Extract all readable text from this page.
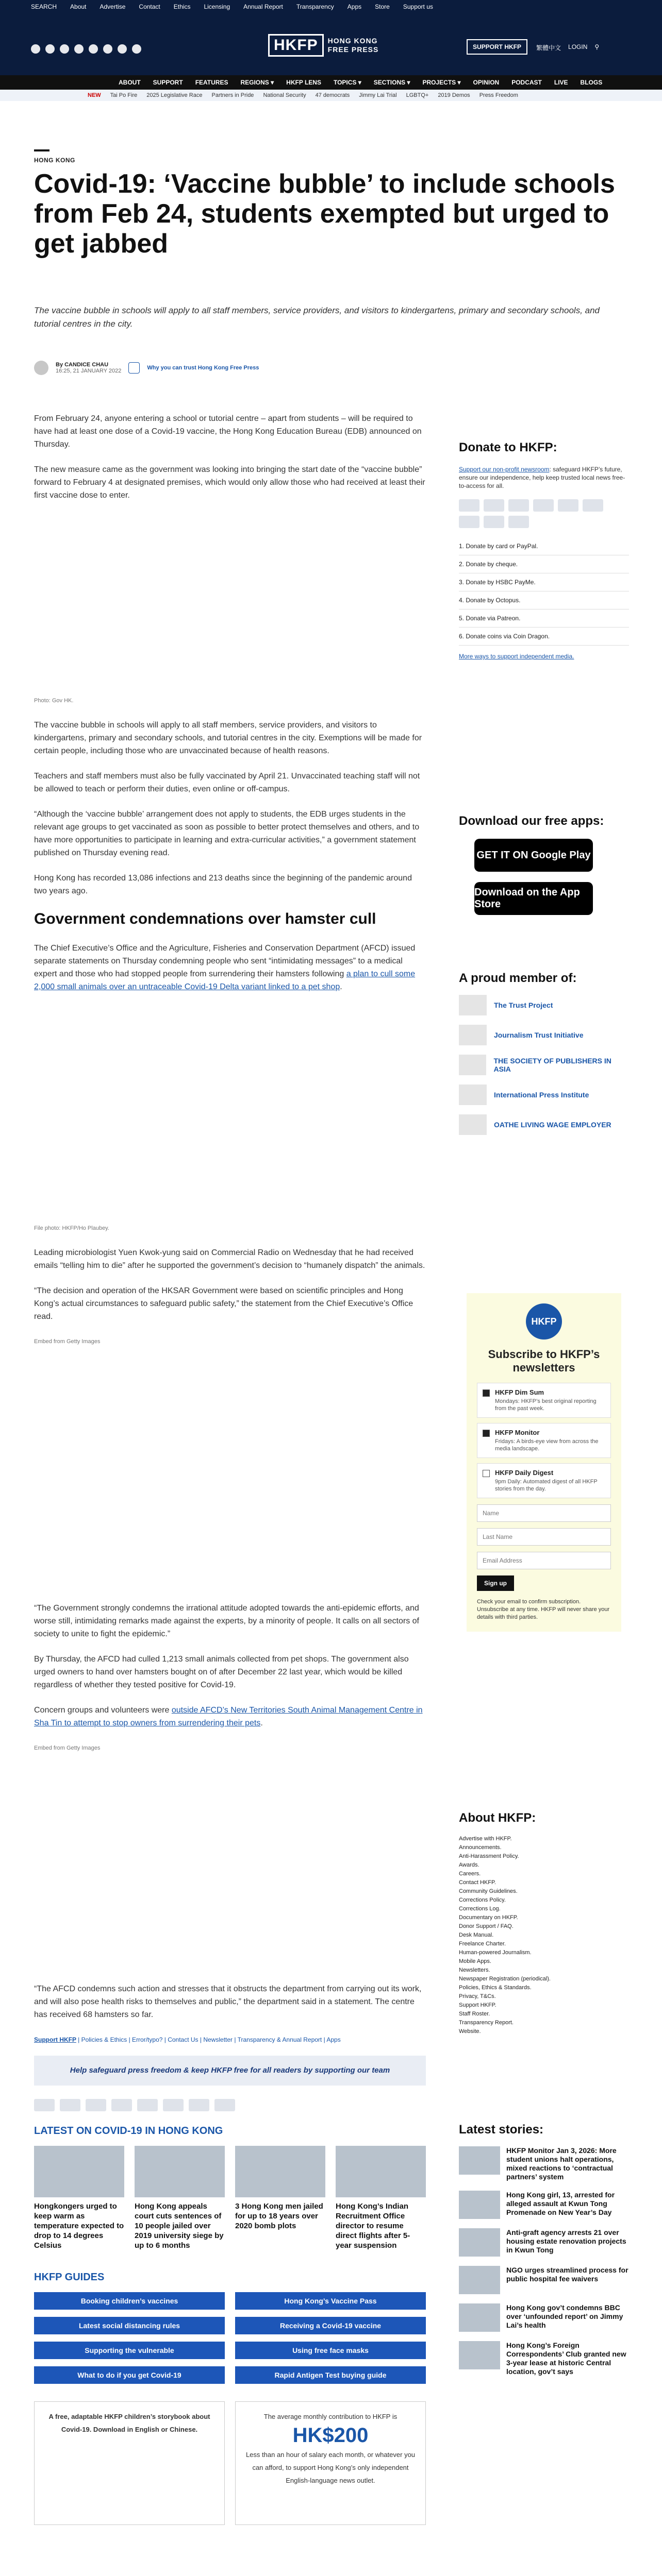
SEARCH About Advertise Contact Ethics Licensing Annual Report Transparency Apps Store Support us
HKFP	HONG KONG
FREE PRESS	SUPPORT HKFP	繁體中文 LOGIN ⚲
ABOUT SUPPORT FEATURES REGIONS ▾ HKFP LENS TOPICS ▾ SECTIONS ▾ PROJECTS ▾ OPINION PODCAST LIVE BLOGS
NEW Tai Po Fire 2025 Legislative Race Partners in Pride National Security 47 democrats Jimmy Lai Trial LGBTQ+ 2019 Demos Press Freedom
HONG KONG
Covid-19: ‘Vaccine bubble’ to include schools from Feb 24, students exempted but urged to get jabbed
The vaccine bubble in schools will apply to all staff members, service providers, and visitors to kindergartens, primary and secondary schools, and tutorial centres in the city.
By CANDICE CHAU
16:25, 21 JANUARY 2022	Why you can trust Hong Kong Free Press

From February 24, anyone entering a school or tutorial centre – apart from students – will be required to have had at least one dose of a Covid-19 vaccine, the Hong Kong Education Bureau (EDB) announced on Thursday.

The new measure came as the government was looking into bringing the start date of the “vaccine bubble” forward to February 4 at designated premises, which would only allow those who had received at least their first vaccine dose to enter.

Photo: Gov HK.

The vaccine bubble in schools will apply to all staff members, service providers, and visitors to kindergartens, primary and secondary schools, and tutorial centres in the city. Exemptions will be made for certain people, including those who are unvaccinated because of health reasons.

Teachers and staff members must also be fully vaccinated by April 21. Unvaccinated teaching staff will not be allowed to teach or perform their duties, even online or off-campus.

“Although the ‘vaccine bubble’ arrangement does not apply to students, the EDB urges students in the relevant age groups to get vaccinated as soon as possible to better protect themselves and others, and to have more opportunities to participate in learning and extra-curricular activities,” a government statement published on Thursday evening read.

Hong Kong has recorded 13,086 infections and 213 deaths since the beginning of the pandemic around two years ago.

Government condemnations over hamster cull

The Chief Executive’s Office and the Agriculture, Fisheries and Conservation Department (AFCD) issued separate statements on Thursday condemning people who sent “intimidating messages” to a medical expert and those who had stopped people from surrendering their hamsters following a plan to cull some 2,000 small animals over an untraceable Covid-19 Delta variant linked to a pet shop.

File photo: HKFP/Ho Plaubey.

Leading microbiologist Yuen Kwok-yung said on Commercial Radio on Wednesday that he had received emails “telling him to die” after he supported the government’s decision to “humanely dispatch” the animals.

“The decision and operation of the HKSAR Government were based on scientific principles and Hong Kong’s actual circumstances to safeguard public safety,” the statement from the Chief Executive’s Office read.

Embed from Getty Images

“The Government strongly condemns the irrational attitude adopted towards the anti-epidemic efforts, and worse still, intimidating remarks made against the experts, by a minority of people. It calls on all sectors of society to unite to fight the epidemic.”

By Thursday, the AFCD had culled 1,213 small animals collected from pet shops. The government also urged owners to hand over hamsters bought on of after December 22 last year, which would be killed regardless of whether they tested positive for Covid-19.

Concern groups and volunteers were outside AFCD’s New Territories South Animal Management Centre in Sha Tin to attempt to stop owners from surrendering their pets.

Embed from Getty Images

“The AFCD condemns such action and stresses that it obstructs the department from carrying out its work, and will also pose health risks to themselves and public,” the department said in a statement. The centre has received 68 hamsters so far.

Support HKFP | Policies & Ethics | Error/typo? | Contact Us | Newsletter | Transparency & Annual Report | Apps
Help safeguard press freedom & keep HKFP free for all readers by supporting our team
LATEST ON COVID-19 IN HONG KONG

Hongkongers urged to keep warm as temperature expected to drop to 14 degrees Celsius

Hong Kong appeals court cuts sentences of 10 people jailed over 2019 university siege by up to 6 months

3 Hong Kong men jailed for up to 18 years over 2020 bomb plots

Hong Kong’s Indian Recruitment Office director to resume direct flights after 5-year suspension

HKFP GUIDES
Booking children’s vaccines	Hong Kong’s Vaccine Pass
Latest social distancing rules	Receiving a Covid-19 vaccine
Supporting the vulnerable	Using free face masks
What to do if you get Covid-19	Rapid Antigen Test buying guide
A free, adaptable HKFP children’s storybook about Covid-19. Download in English or Chinese.
The average monthly contribution to HKFP is
HK$200
Less than an hour of salary each month, or whatever you can afford, to support Hong Kong’s only independent English-language news outlet.
Donate to HKFP:
Support our non-profit newsroom: safeguard HKFP’s future, ensure our independence, help keep trusted local news free-to-access for all.
1. Donate by card or PayPal.
2. Donate by cheque.
3. Donate by HSBC PayMe.
4. Donate by Octopus.
5. Donate via Patreon.
6. Donate coins via Coin Dragon.
More ways to support independent media.
Download our free apps:
GET IT ON Google Play
Download on the App Store
A proud member of:
The Trust Project
Journalism Trust Initiative
THE SOCIETY OF PUBLISHERS IN ASIA
International Press Institute
OATHE LIVING WAGE EMPLOYER
HKFP
Subscribe to HKFP’s newsletters
HKFP Dim Sum
Mondays: HKFP’s best original reporting from the past week.
HKFP Monitor
Fridays: A birds-eye view from across the media landscape.
HKFP Daily Digest
9pm Daily: Automated digest of all HKFP stories from the day.
Name
Last Name
Email Address
Sign up
Check your email to confirm subscription. Unsubscribe at any time. HKFP will never share your details with third parties.
About HKFP:
Advertise with HKFP.
Announcements.
Anti-Harassment Policy.
Awards.
Careers.
Contact HKFP.
Community Guidelines.
Corrections Policy.
Corrections Log.
Documentary on HKFP.
Donor Support / FAQ.
Desk Manual.
Freelance Charter.
Human-powered Journalism.
Mobile Apps.
Newsletters.
Newspaper Registration (periodical).
Policies, Ethics & Standards.
Privacy, T&Cs.
Support HKFP.
Staff Roster.
Transparency Report.
Website.
Latest stories:
HKFP Monitor Jan 3, 2026: More student unions halt operations, mixed reactions to ‘contractual partners’ system
Hong Kong girl, 13, arrested for alleged assault at Kwun Tong Promenade on New Year’s Day
Anti-graft agency arrests 21 over housing estate renovation projects in Kwun Tong
NGO urges streamlined process for public hospital fee waivers
Hong Kong gov’t condemns BBC over ‘unfounded report’ on Jimmy Lai’s health
Hong Kong’s Foreign Correspondents’ Club granted new 3-year lease at historic Central location, gov’t says
